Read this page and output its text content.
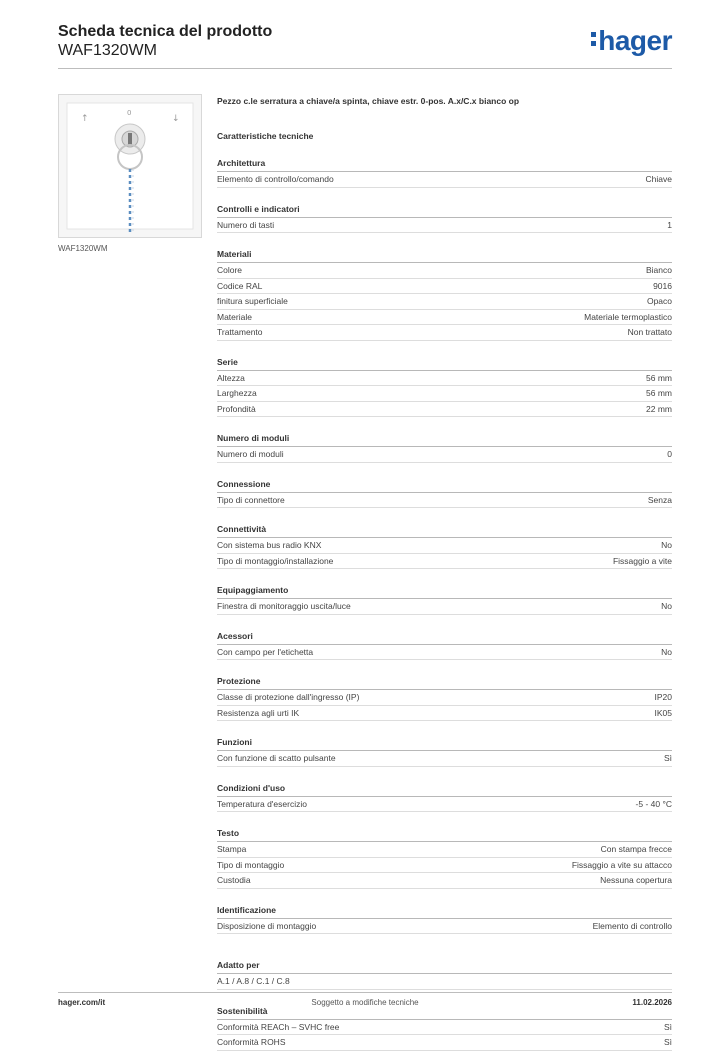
Scheda tecnica del prodotto
WAF1320WM	hager
↑
0
↓
WAF1320WM
Pezzo c.le serratura a chiave/a spinta, chiave estr. 0-pos. A.x/C.x bianco op
Caratteristiche tecniche
Architettura
Elemento di controllo/comando	Chiave
Controlli e indicatori
Numero di tasti	1
Materiali
Colore	Bianco
Codice RAL	9016
finitura superficiale	Opaco
Materiale	Materiale termoplastico
Trattamento	Non trattato
Serie
Altezza	56 mm
Larghezza	56 mm
Profondità	22 mm
Numero di moduli
Numero di moduli	0
Connessione
Tipo di connettore	Senza
Connettività
Con sistema bus radio KNX	No
Tipo di montaggio/installazione	Fissaggio a vite
Equipaggiamento
Finestra di monitoraggio uscita/luce	No
Acessori
Con campo per l'etichetta	No
Protezione
Classe di protezione dall'ingresso (IP)	IP20
Resistenza agli urti IK	IK05
Funzioni
Con funzione di scatto pulsante	Sì
Condizioni d'uso
Temperatura d'esercizio	-5 - 40 °C
Testo
Stampa	Con stampa frecce
Tipo di montaggio	Fissaggio a vite su attacco
Custodia	Nessuna copertura
Identificazione
Disposizione di montaggio	Elemento di controllo
Adatto per
A.1 / A.8 / C.1 / C.8
Sostenibilità
Conformità REACh – SVHC free	Sì
Conformità ROHS	Sì
hager.com/it	Soggetto a modifiche tecniche	11.02.2026
